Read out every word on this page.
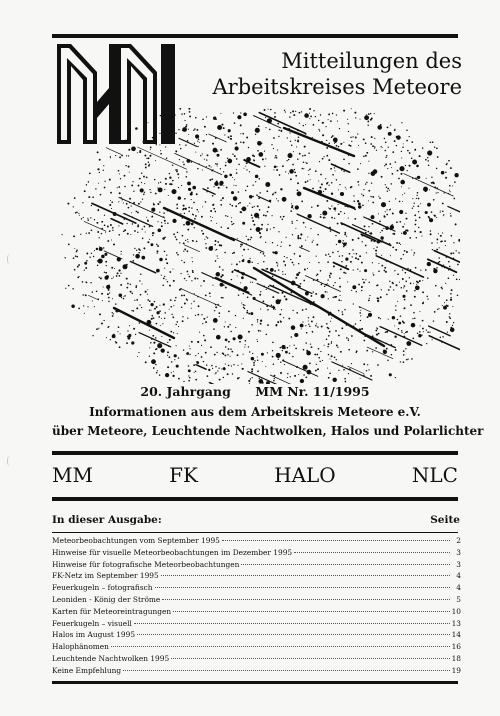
Mitteilungen des
Arbeitskreises Meteore
20. Jahrgang MM Nr. 11/1995
Informationen aus dem Arbeitskreis Meteore e.V.
über Meteore, Leuchtende Nachtwolken, Halos und Polarlichter
MM	FK	HALO	NLC
In dieser Ausgabe:	Seite
Meteorbeobachtungen vom September 1995	2
Hinweise für visuelle Meteorbeobachtungen im Dezember 1995	3
Hinweise für fotografische Meteorbeobachtungen	3
FK-Netz im September 1995	4
Feuerkugeln – fotografisch	4
Leoniden - König der Ströme	5
Karten für Meteoreintragungen	10
Feuerkugeln – visuell	13
Halos im August 1995	14
Halophänomen	16
Leuchtende Nachtwolken 1995	18
Keine Empfehlung	19
